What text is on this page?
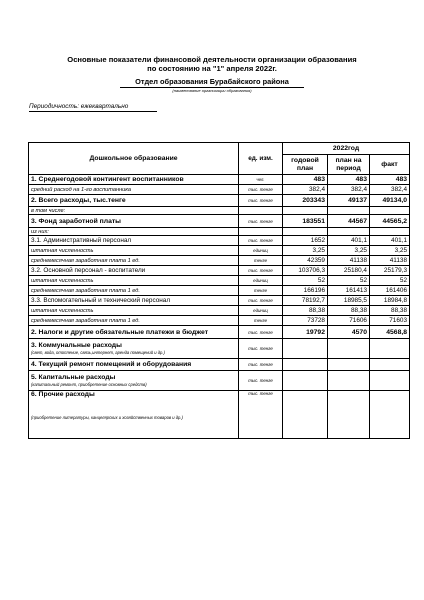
Основные показатели финансовой деятельности организации образования
по состоянию на "1" апреля 2022г.
Отдел образования Бурабайского района
(наименование организации образования)
Периодичность: ежеквартально
Дошкольное образование	ед. изм.	2022год		
		годовой план	план на период	факт
1. Среднегодовой контингент воспитанников	чел.	483	483	483
средний расход на 1-го воспитанника	тыс. тенге	382,4	382,4	382,4
2. Всего расходы, тыс.тенге	тыс. тенге	203343	49137	49134,0
в том числе:				
3. Фонд заработной платы	тыс. тенге	183551	44567	44565,2
из них:				
3.1. Административный персонал	тыс. тенге	1652	401,1	401,1
штатная численность	единиц	3,25	3,25	3,25
среднемесячная заработная плата 1 ед.	тенге	42359	41138	41138
3.2. Основной персонал - воспитатели	тыс. тенге	103706,3	25180,4	25179,3
штатная численность	единиц	52	52	52
среднемесячная заработная плата 1 ед.	тенге	166196	161413	161406
3.3. Вспомогательный и технический персонал	тыс. тенге	78192,7	18985,5	18984,8
штатная численность	единиц	88,38	88,38	88,38
среднемесячная заработная плата 1 ед.	тенге	73728	71606	71603
2. Налоги и другие обязательные платежи в бюджет	тыс. тенге	19792	4570	4568,8

3. Коммунальные расходы
(свет, вода, отопление, связь,интернет, аренда помещений и др.)	тыс. тенге			
4. Текущий ремонт помещений и оборудования	тыс. тенге			

5. Капитальные расходы
(капитальный ремонт, приобретение основных средств)	тыс. тенге			

6. Прочие расходы
(приобретение литературы, канцелярских и хозяйственных товаров и др.)	тыс. тенге			
